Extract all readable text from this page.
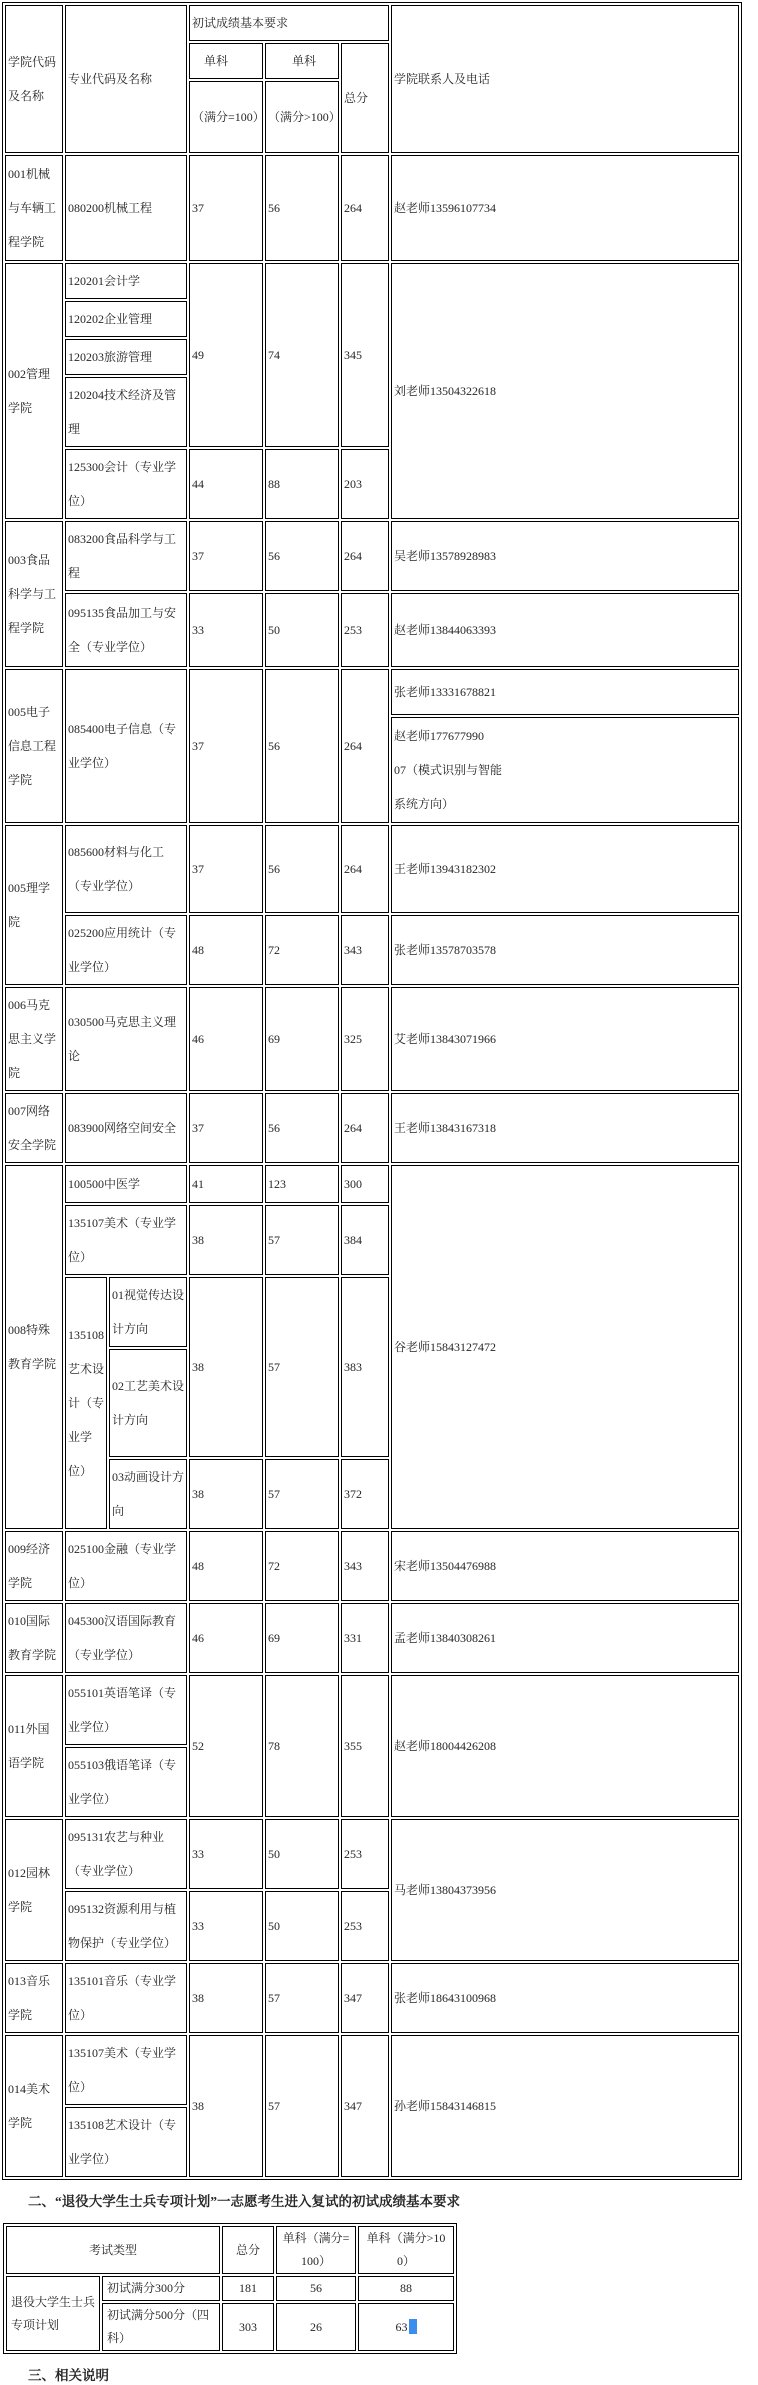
学院代码及名称	专业代码及名称		初试成绩基本要求			学院联系人及电话
			单科	单科	总分	
			（满分=100）	（满分>100）		
001机械与车辆工程学院	080200机械工程		37	56	264	赵老师13596107734
002管理学院	120201会计学		49	74	345	刘老师13504322618
	120202企业管理					
	120203旅游管理					
	120204技术经济及管理					
	125300会计（专业学位）		44	88	203	
003食品科学与工程学院	083200食品科学与工程		37	56	264	吴老师13578928983
	095135食品加工与安全（专业学位）		33	50	253	赵老师13844063393
005电子信息工程学院	085400电子信息（专业学位）		37	56	264	张老师13331678821

						赵老师177677990
07（模式识别与智能系统方向）

005理学院	085600材料与化工（专业学位）		37	56	264	王老师13943182302
	025200应用统计（专业学位）		48	72	343	张老师13578703578
006马克思主义学院	030500马克思主义理论		46	69	325	艾老师13843071966
007网络安全学院	083900网络空间安全		37	56	264	王老师13843167318
008特殊教育学院	100500中医学		41	123	300	谷老师15843127472
	135107美术（专业学位）		38	57	384	
	135108艺术设计（专业学位）	01视觉传达设计方向	38	57	383	
		02工艺美术设计方向				
		03动画设计方向	38	57	372	
009经济学院	025100金融（专业学位）		48	72	343	宋老师13504476988
010国际教育学院	045300汉语国际教育（专业学位）		46	69	331	孟老师13840308261
011外国语学院	055101英语笔译（专业学位）		52	78	355	赵老师18004426208
	055103俄语笔译（专业学位）					
012园林学院	095131农艺与种业（专业学位）		33	50	253	马老师13804373956
	095132资源利用与植物保护（专业学位）		33	50	253	
013音乐学院	135101音乐（专业学位）		38	57	347	张老师18643100968
014美术学院	135107美术（专业学位）		38	57	347	孙老师15843146815
	135108艺术设计（专业学位）					
二、“退役大学生士兵专项计划”一志愿考生进入复试的初试成绩基本要求
考试类型		总分	单科（满分=100）	单科（满分>100）
退役大学生士兵专项计划	初试满分300分	181	56	88
	初试满分500分（四科）	303	26	63
三、相关说明
